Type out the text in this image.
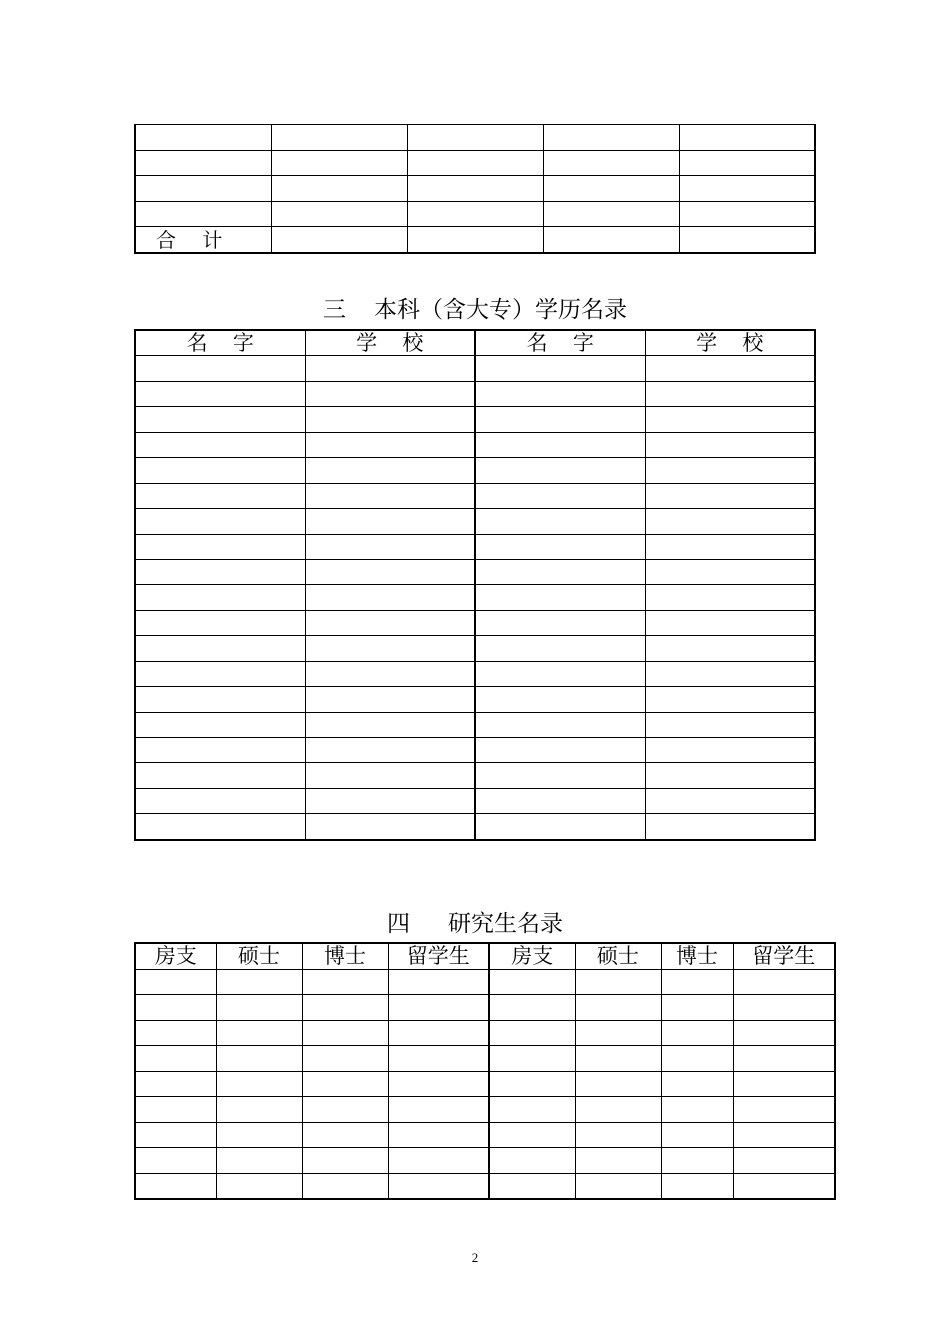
合 计				
三 本科（含大专）学历名录
名字	学校	名字	学校

四 研究生名录
房支	硕士	博士	留学生	房支	硕士	博士	留学生

2
